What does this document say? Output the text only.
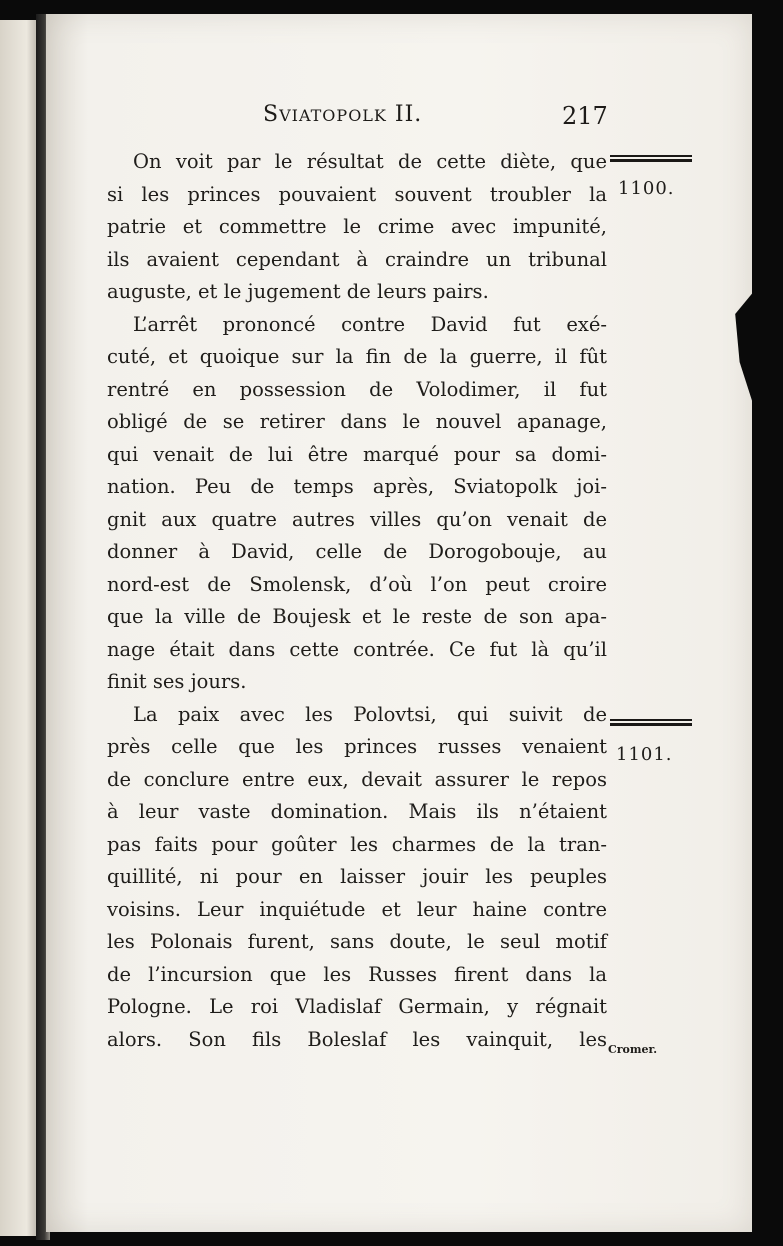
SVIATOPOLK II.	217
On voit par le résultat de cette diète, que
si les princes pouvaient souvent troubler la
patrie et commettre le crime avec impunité,
ils avaient cependant à craindre un tribunal
auguste, et le jugement de leurs pairs.
L’arrêt prononcé contre David fut exé-
cuté, et quoique sur la fin de la guerre, il fût
rentré en possession de Volodimer, il fut
obligé de se retirer dans le nouvel apanage,
qui venait de lui être marqué pour sa domi-
nation. Peu de temps après, Sviatopolk joi-
gnit aux quatre autres villes qu’on venait de
donner à David, celle de Dorogobouje, au
nord-est de Smolensk, d’où l’on peut croire
que la ville de Boujesk et le reste de son apa-
nage était dans cette contrée. Ce fut là qu’il
finit ses jours.
La paix avec les Polovtsi, qui suivit de
près celle que les princes russes venaient
de conclure entre eux, devait assurer le repos
à leur vaste domination. Mais ils n’étaient
pas faits pour goûter les charmes de la tran-
quillité, ni pour en laisser jouir les peuples
voisins. Leur inquiétude et leur haine contre
les Polonais furent, sans doute, le seul motif
de l’incursion que les Russes firent dans la
Pologne. Le roi Vladislaf Germain, y régnait
alors. Son fils Boleslaf les vainquit, les
1100.
1101.
Cromer.
